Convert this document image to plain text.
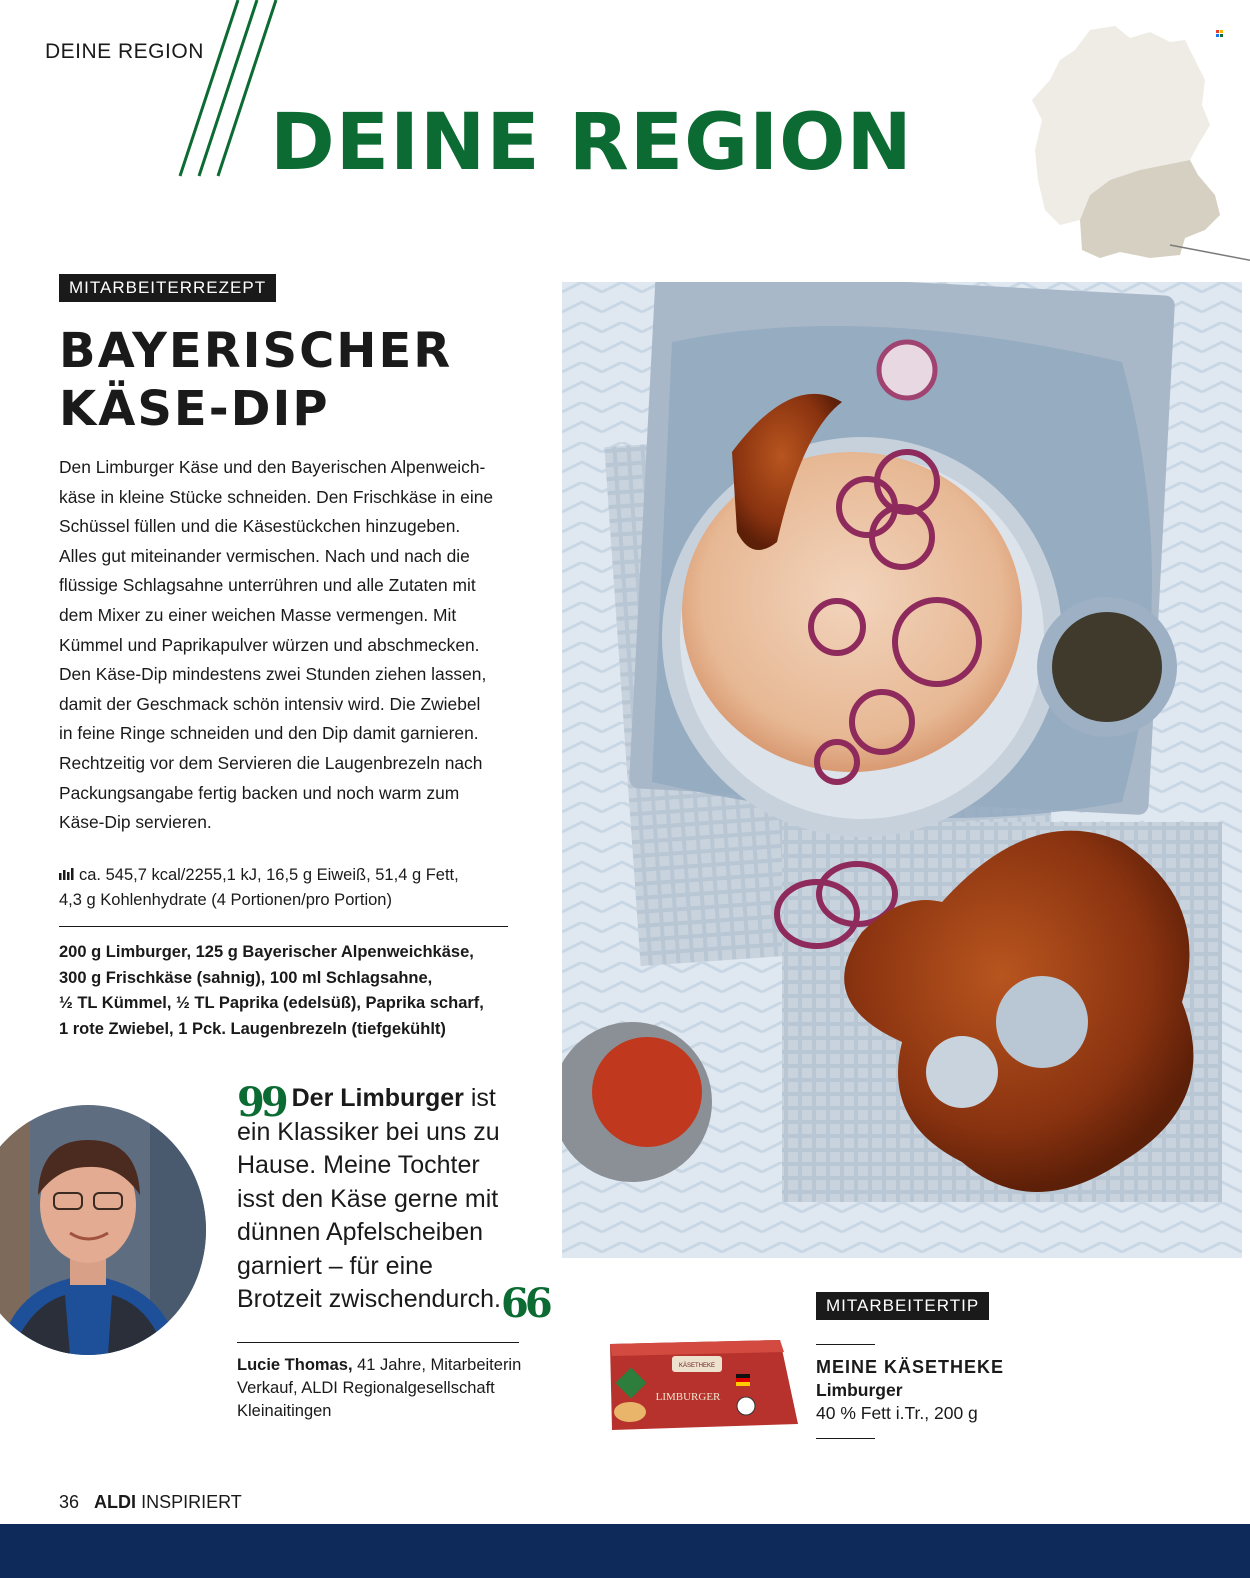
DEINE REGION
DEINE REGION
MITARBEITERREZEPT
BAYERISCHER
KÄSE-DIP
Den Limburger Käse und den Bayerischen Alpenweich-
käse in kleine Stücke schneiden. Den Frischkäse in eine
Schüssel füllen und die Käsestückchen hinzugeben.
Alles gut miteinander vermischen. Nach und nach die
flüssige Schlagsahne unterrühren und alle Zutaten mit
dem Mixer zu einer weichen Masse vermengen. Mit
Kümmel und Paprikapulver würzen und abschmecken.
Den Käse-Dip mindestens zwei Stunden ziehen lassen,
damit der Geschmack schön intensiv wird. Die Zwiebel
in feine Ringe schneiden und den Dip damit garnieren.
Rechtzeitig vor dem Servieren die Laugenbrezeln nach
Packungsangabe fertig backen und noch warm zum
Käse-Dip servieren.
ca. 545,7 kcal/2255,1 kJ, 16,5 g Eiweiß, 51,4 g Fett,
4,3 g Kohlenhydrate (4 Portionen/pro Portion)
200 g Limburger, 125 g Bayerischer Alpenweichkäse,
300 g Frischkäse (sahnig), 100 ml Schlagsahne,
½ TL Kümmel, ½ TL Paprika (edelsüß), Paprika scharf,
1 rote Zwiebel, 1 Pck. Laugenbrezeln (tiefgekühlt)
99 Der Limburger ist
ein Klassiker bei uns zu
Hause. Meine Tochter
isst den Käse gerne mit
dünnen Apfelscheiben
garniert – für eine
Brotzeit zwischendurch.66
Lucie Thomas, 41 Jahre, Mitarbeiterin
Verkauf, ALDI Regionalgesellschaft
Kleinaitingen
KÄSETHEKE
LIMBURGER
MITARBEITERTIP
MEINE KÄSETHEKE
Limburger
40 % Fett i.Tr., 200 g
36 ALDI INSPIRIERT
